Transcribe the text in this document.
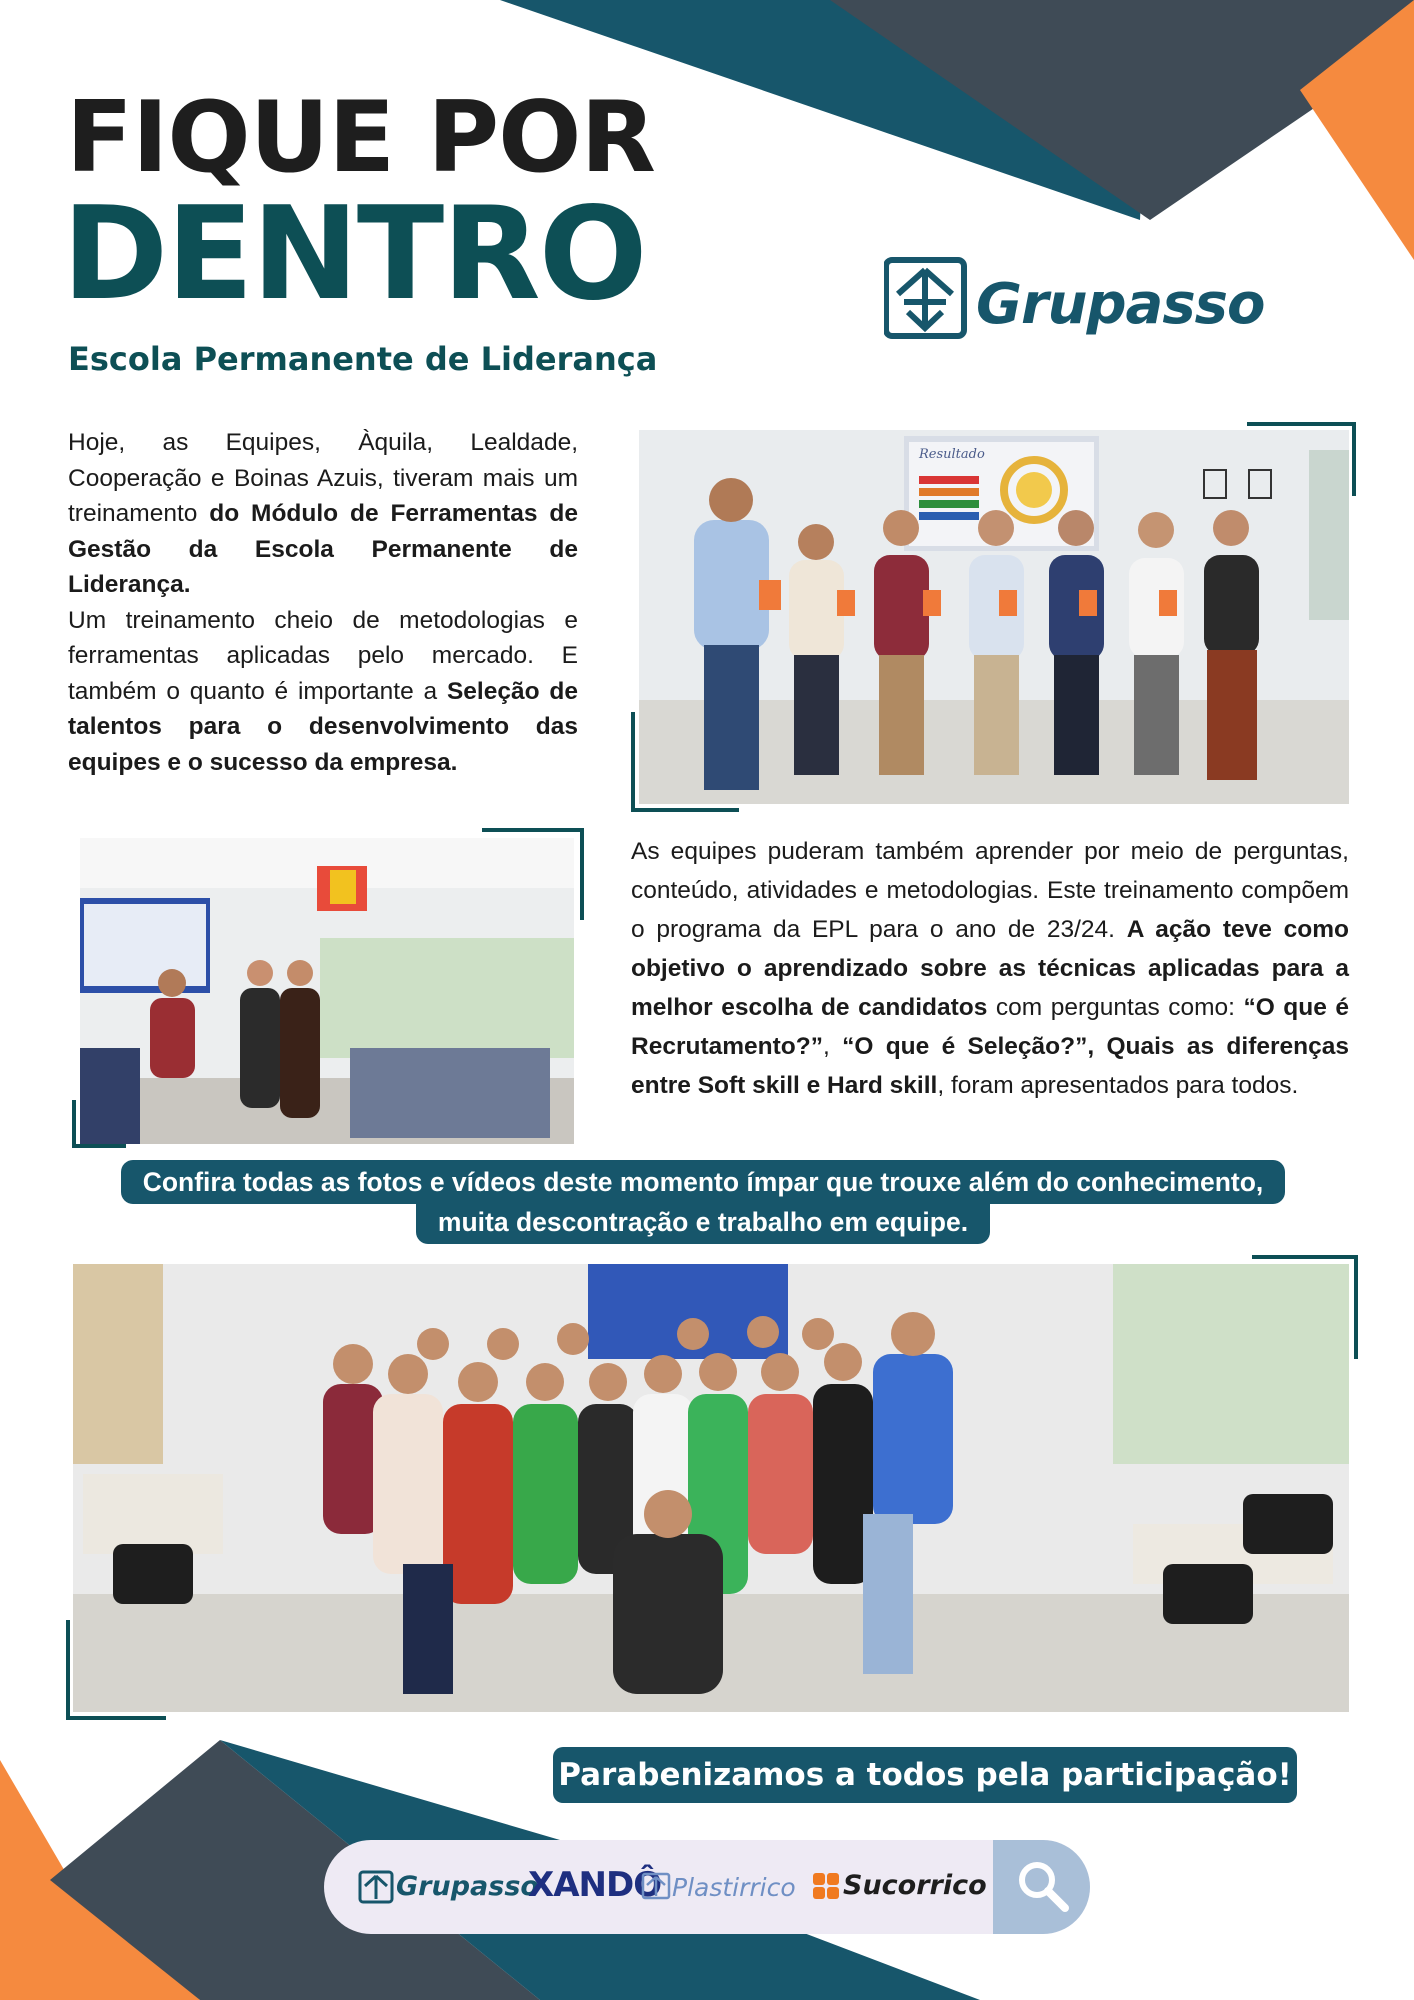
FIQUE POR
DENTRO
Escola Permanente de Liderança
Grupasso
Hoje, as Equipes, Àquila, Lealdade, Cooperação e Boinas Azuis, tiveram mais um treinamento do Módulo de Ferramentas de Gestão da Escola Permanente de Liderança.
Um treinamento cheio de metodologias e ferramentas aplicadas pelo mercado. E também o quanto é importante a Seleção de talentos para o desenvolvimento das equipes e o sucesso da empresa.
Resultado
As equipes puderam também aprender por meio de perguntas, conteúdo, atividades e metodologias. Este treinamento compõem o programa da EPL para o ano de 23/24. A ação teve como objetivo o aprendizado sobre as técnicas aplicadas para a melhor escolha de candidatos com perguntas como: “O que é Recrutamento?”, “O que é Seleção?”, Quais as diferenças entre Soft skill e Hard skill, foram apresentados para todos.
Confira todas as fotos e vídeos deste momento ímpar que trouxe além do conhecimento,
muita descontração e trabalho em equipe.
Parabenizamos a todos pela participação!
Grupasso
XANDÔ Plastirrico Sucorrico
